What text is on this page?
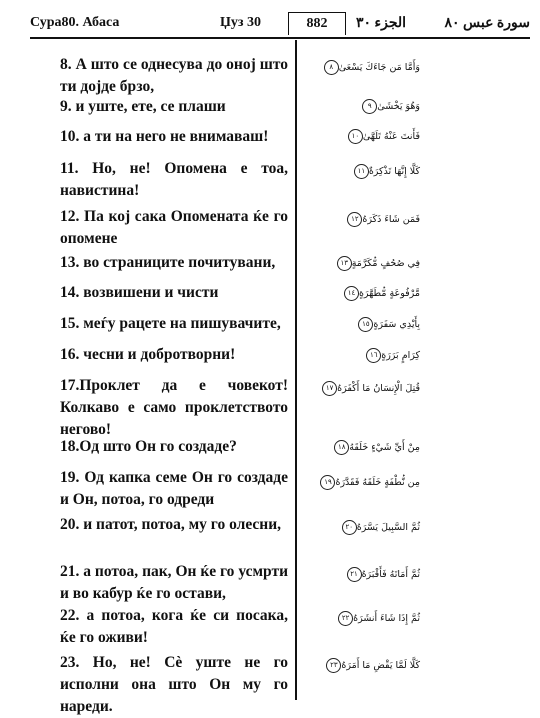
Сура80. Абаса	Џуз 30	882	الجزء ٣٠	سورة عبس ٨٠
8. А што се однесува до оној што ти дојде брзо,
وَأَمَّا مَن جَاءَكَ يَسْعَىٰ٨
9. и уште, ете, се плаши	وَهُوَ يَخْشَىٰ٩
10. а ти на него не внимаваш!	فَأَنتَ عَنْهُ تَلَهَّىٰ١٠
11. Но, не! Опомена е тоа, навистина!
كَلَّا إِنَّهَا تَذْكِرَةٌ١١
12. Па кој сака Опомената ќе го опомене
فَمَن شَاءَ ذَكَرَهُ١٢
13. во страниците почитувани,	فِي صُحُفٍ مُّكَرَّمَةٍ١٣
14. возвишени и чисти	مَّرْفُوعَةٍ مُّطَهَّرَةٍ١٤
15. меѓу рацете на пишувачите,	بِأَيْدِي سَفَرَةٍ١٥
16. чесни и добротворни!	كِرَامٍ بَرَرَةٍ١٦
17.Проклет да е човекот! Колкаво е само проклетството негово!
قُتِلَ الْإِنسَانُ مَا أَكْفَرَهُ١٧
18.Од што Он го создаде?	مِنْ أَيِّ شَيْءٍ خَلَقَهُ١٨
19. Од капка семе Он го создаде и Он, потоа, го одреди
مِن نُّطْفَةٍ خَلَقَهُ فَقَدَّرَهُ١٩
20. и патот, потоа, му го олесни,	ثُمَّ السَّبِيلَ يَسَّرَهُ٢٠
21. а потоа, пак, Он ќе го усмрти и во кабур ќе го остави,
ثُمَّ أَمَاتَهُ فَأَقْبَرَهُ٢١
22. а потоа, кога ќе си посака, ќе го оживи!
ثُمَّ إِذَا شَاءَ أَنشَرَهُ٢٢
23. Но, не! Сè уште не го исполни она што Он му го нареди.
كَلَّا لَمَّا يَقْضِ مَا أَمَرَهُ٢٣
